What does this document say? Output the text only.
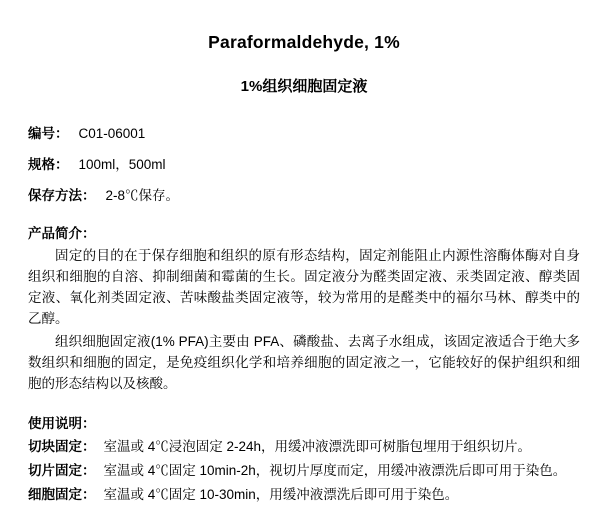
Paraformaldehyde, 1%
1%组织细胞固定液
编号： C01-06001
规格： 100ml，500ml
保存方法： 2-8℃保存。
产品简介：

固定的目的在于保存细胞和组织的原有形态结构，固定剂能阻止内源性溶酶体酶对自身组织和细胞的自溶、抑制细菌和霉菌的生长。固定液分为醛类固定液、汞类固定液、醇类固定液、氧化剂类固定液、苦味酸盐类固定液等，较为常用的是醛类中的福尔马林、醇类中的乙醇。

组织细胞固定液(1% PFA)主要由 PFA、磷酸盐、去离子水组成，该固定液适合于绝大多数组织和细胞的固定，是免疫组织化学和培养细胞的固定液之一，它能较好的保护组织和细胞的形态结构以及核酸。

使用说明：
切块固定： 室温或 4℃浸泡固定 2-24h，用缓冲液漂洗即可树脂包埋用于组织切片。
切片固定： 室温或 4℃固定 10min-2h，视切片厚度而定，用缓冲液漂洗后即可用于染色。
细胞固定： 室温或 4℃固定 10-30min，用缓冲液漂洗后即可用于染色。
